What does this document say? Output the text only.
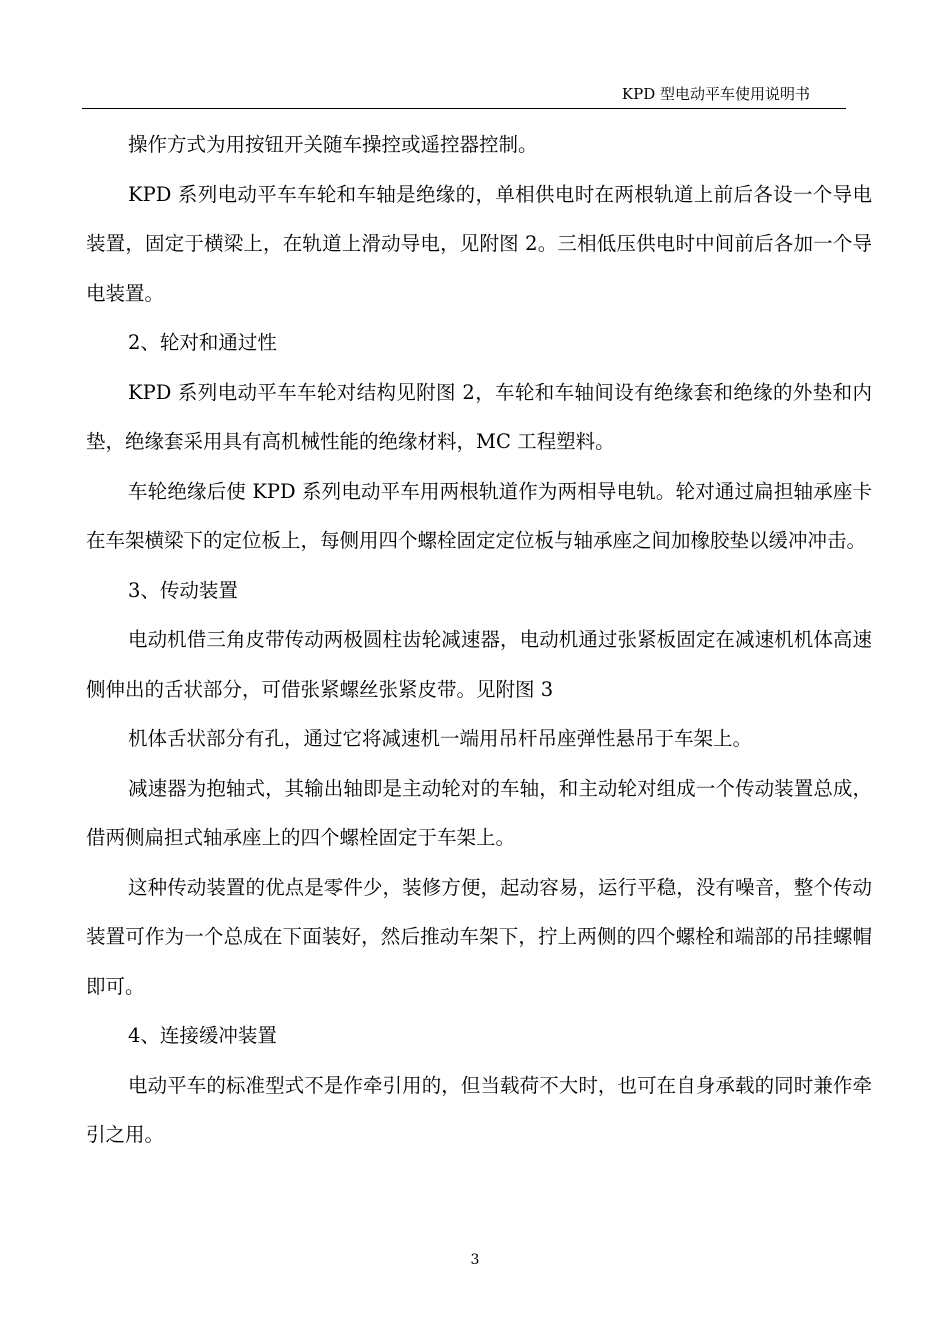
KPD 型电动平车使用说明书

操作方式为用按钮开关随车操控或遥控器控制。

KPD 系列电动平车车轮和车轴是绝缘的，单相供电时在两根轨道上前后各设一个导电装置，固定于横梁上，在轨道上滑动导电，见附图 2。三相低压供电时中间前后各加一个导电装置。

2、轮对和通过性

KPD 系列电动平车车轮对结构见附图 2，车轮和车轴间设有绝缘套和绝缘的外垫和内垫，绝缘套采用具有高机械性能的绝缘材料，MC 工程塑料。

车轮绝缘后使 KPD 系列电动平车用两根轨道作为两相导电轨。轮对通过扁担轴承座卡在车架横梁下的定位板上，每侧用四个螺栓固定定位板与轴承座之间加橡胶垫以缓冲冲击。

3、传动装置

电动机借三角皮带传动两极圆柱齿轮减速器，电动机通过张紧板固定在减速机机体高速侧伸出的舌状部分，可借张紧螺丝张紧皮带。见附图 3

机体舌状部分有孔，通过它将减速机一端用吊杆吊座弹性悬吊于车架上。

减速器为抱轴式，其输出轴即是主动轮对的车轴，和主动轮对组成一个传动装置总成，借两侧扁担式轴承座上的四个螺栓固定于车架上。

这种传动装置的优点是零件少，装修方便，起动容易，运行平稳，没有噪音，整个传动装置可作为一个总成在下面装好，然后推动车架下，拧上两侧的四个螺栓和端部的吊挂螺帽即可。

4、连接缓冲装置

电动平车的标准型式不是作牵引用的，但当载荷不大时，也可在自身承载的同时兼作牵引之用。

3
